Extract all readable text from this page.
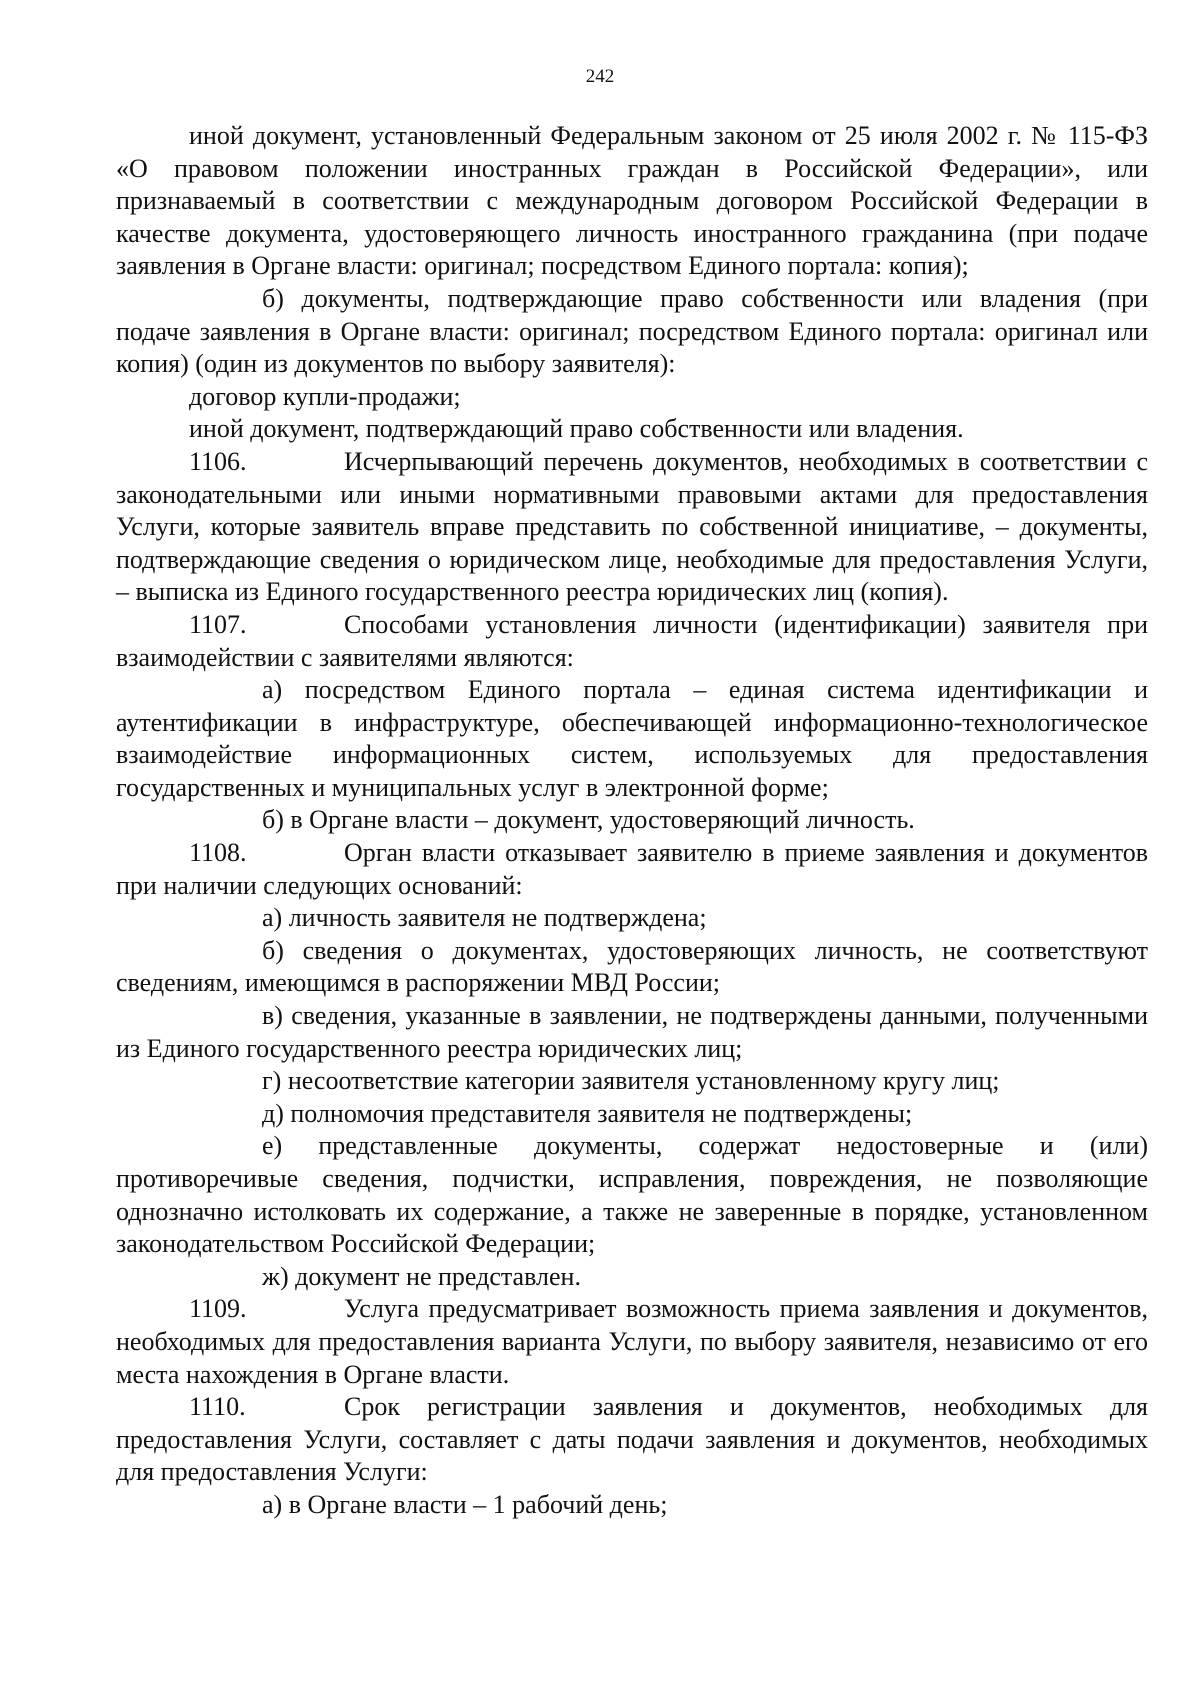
242

иной документ, установленный Федеральным законом от 25 июля 2002 г. № 115-ФЗ «О правовом положении иностранных граждан в Российской Федерации», или признаваемый в соответствии с международным договором Российской Федерации в качестве документа, удостоверяющего личность иностранного гражданина (при подаче заявления в Органе власти: оригинал; посредством Единого портала: копия);

б) документы, подтверждающие право собственности или владения (при подаче заявления в Органе власти: оригинал; посредством Единого портала: оригинал или копия) (один из документов по выбору заявителя):

договор купли-продажи;

иной документ, подтверждающий право собственности или владения.

1106.	Исчерпывающий перечень документов, необходимых в соответствии с законодательными или иными нормативными правовыми актами для предоставления Услуги, которые заявитель вправе представить по собственной инициативе, – документы, подтверждающие сведения о юридическом лице, необходимые для предоставления Услуги, – выписка из Единого государственного реестра юридических лиц (копия).

1107.	Способами установления личности (идентификации) заявителя при взаимодействии с заявителями являются:

а) посредством Единого портала – единая система идентификации и аутентификации в инфраструктуре, обеспечивающей информационно-технологическое взаимодействие информационных систем, используемых для предоставления государственных и муниципальных услуг в электронной форме;

б) в Органе власти – документ, удостоверяющий личность.

1108.	Орган власти отказывает заявителю в приеме заявления и документов при наличии следующих оснований:

а) личность заявителя не подтверждена;

б) сведения о документах, удостоверяющих личность, не соответствуют сведениям, имеющимся в распоряжении МВД России;

в) сведения, указанные в заявлении, не подтверждены данными, полученными из Единого государственного реестра юридических лиц;

г) несоответствие категории заявителя установленному кругу лиц;

д) полномочия представителя заявителя не подтверждены;

е) представленные документы, содержат недостоверные и (или) противоречивые сведения, подчистки, исправления, повреждения, не позволяющие однозначно истолковать их содержание, а также не заверенные в порядке, установленном законодательством Российской Федерации;

ж) документ не представлен.

1109.	Услуга предусматривает возможность приема заявления и документов, необходимых для предоставления варианта Услуги, по выбору заявителя, независимо от его места нахождения в Органе власти.

1110.	Срок регистрации заявления и документов, необходимых для предоставления Услуги, составляет с даты подачи заявления и документов, необходимых для предоставления Услуги:

а) в Органе власти – 1 рабочий день;
